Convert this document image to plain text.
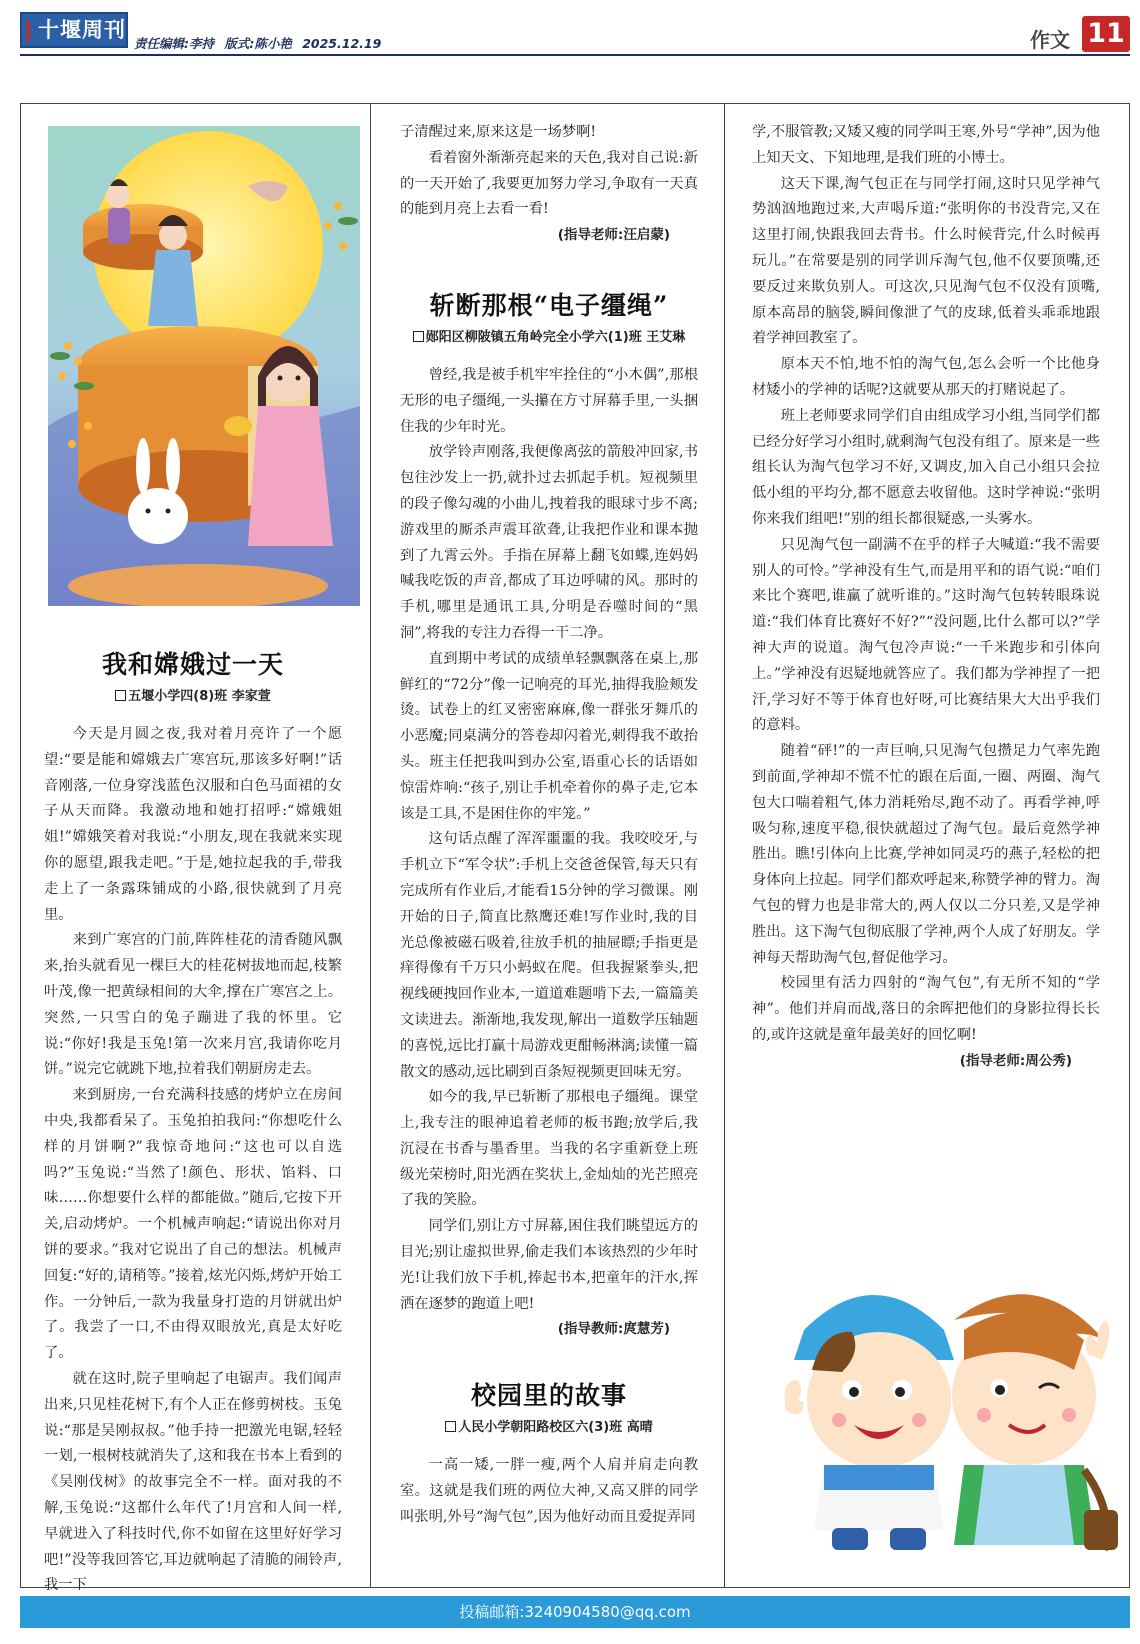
十堰周刊
责任编辑:李持 版式:陈小艳 2025.12.19	作文 11
我和嫦娥过一天
五堰小学四(8)班 李家萱

今天是月圆之夜,我对着月亮许了一个愿望:“要是能和嫦娥去广寒宫玩,那该多好啊!”话音刚落,一位身穿浅蓝色汉服和白色马面裙的女子从天而降。我激动地和她打招呼:“嫦娥姐姐!”嫦娥笑着对我说:“小朋友,现在我就来实现你的愿望,跟我走吧。”于是,她拉起我的手,带我走上了一条露珠铺成的小路,很快就到了月亮里。

来到广寒宫的门前,阵阵桂花的清香随风飘来,抬头就看见一棵巨大的桂花树拔地而起,枝繁叶茂,像一把黄绿相间的大伞,撑在广寒宫之上。突然,一只雪白的兔子蹦进了我的怀里。它说:“你好!我是玉兔!第一次来月宫,我请你吃月饼。”说完它就跳下地,拉着我们朝厨房走去。

来到厨房,一台充满科技感的烤炉立在房间中央,我都看呆了。玉兔拍拍我问:“你想吃什么样的月饼啊?”我惊奇地问:“这也可以自选吗?”玉兔说:“当然了!颜色、形状、馅料、口味……你想要什么样的都能做。”随后,它按下开关,启动烤炉。一个机械声响起:“请说出你对月饼的要求。”我对它说出了自己的想法。机械声回复:“好的,请稍等。”接着,炫光闪烁,烤炉开始工作。一分钟后,一款为我量身打造的月饼就出炉了。我尝了一口,不由得双眼放光,真是太好吃了。

就在这时,院子里响起了电锯声。我们闻声出来,只见桂花树下,有个人正在修剪树枝。玉兔说:“那是吴刚叔叔。”他手持一把激光电锯,轻轻一划,一根树枝就消失了,这和我在书本上看到的《吴刚伐树》的故事完全不一样。面对我的不解,玉兔说:“这都什么年代了!月宫和人间一样,早就进入了科技时代,你不如留在这里好好学习吧!”没等我回答它,耳边就响起了清脆的闹铃声,我一下

子清醒过来,原来这是一场梦啊!

看着窗外渐渐亮起来的天色,我对自己说:新的一天开始了,我要更加努力学习,争取有一天真的能到月亮上去看一看!

(指导老师:汪启蒙)

斩断那根“电子缰绳”
郧阳区柳陂镇五角岭完全小学六(1)班 王艾琳

曾经,我是被手机牢牢拴住的“小木偶”,那根无形的电子缰绳,一头攥在方寸屏幕手里,一头捆住我的少年时光。

放学铃声刚落,我便像离弦的箭般冲回家,书包往沙发上一扔,就扑过去抓起手机。短视频里的段子像勾魂的小曲儿,拽着我的眼球寸步不离;游戏里的厮杀声震耳欲聋,让我把作业和课本抛到了九霄云外。手指在屏幕上翻飞如蝶,连妈妈喊我吃饭的声音,都成了耳边呼啸的风。那时的手机,哪里是通讯工具,分明是吞噬时间的“黑洞”,将我的专注力吞得一干二净。

直到期中考试的成绩单轻飘飘落在桌上,那鲜红的“72分”像一记响亮的耳光,抽得我脸颊发烫。试卷上的红叉密密麻麻,像一群张牙舞爪的小恶魔;同桌满分的答卷却闪着光,刺得我不敢抬头。班主任把我叫到办公室,语重心长的话语如惊雷炸响:“孩子,别让手机牵着你的鼻子走,它本该是工具,不是困住你的牢笼。”

这句话点醒了浑浑噩噩的我。我咬咬牙,与手机立下“军令状”:手机上交爸爸保管,每天只有完成所有作业后,才能看15分钟的学习微课。刚开始的日子,简直比熬鹰还难!写作业时,我的目光总像被磁石吸着,往放手机的抽屉瞟;手指更是痒得像有千万只小蚂蚁在爬。但我握紧拳头,把视线硬拽回作业本,一道道难题啃下去,一篇篇美文读进去。渐渐地,我发现,解出一道数学压轴题的喜悦,远比打赢十局游戏更酣畅淋漓;读懂一篇散文的感动,远比刷到百条短视频更回味无穷。

如今的我,早已斩断了那根电子缰绳。课堂上,我专注的眼神追着老师的板书跑;放学后,我沉浸在书香与墨香里。当我的名字重新登上班级光荣榜时,阳光洒在奖状上,金灿灿的光芒照亮了我的笑脸。

同学们,别让方寸屏幕,困住我们眺望远方的目光;别让虚拟世界,偷走我们本该热烈的少年时光!让我们放下手机,捧起书本,把童年的汗水,挥洒在逐梦的跑道上吧!

(指导教师:庹慧芳)

校园里的故事
人民小学朝阳路校区六(3)班 高晴

一高一矮,一胖一瘦,两个人肩并肩走向教室。这就是我们班的两位大神,又高又胖的同学叫张明,外号“淘气包”,因为他好动而且爱捉弄同

学,不服管教;又矮又瘦的同学叫王寒,外号“学神”,因为他上知天文、下知地理,是我们班的小博士。

这天下课,淘气包正在与同学打闹,这时只见学神气势汹汹地跑过来,大声喝斥道:“张明你的书没背完,又在这里打闹,快跟我回去背书。什么时候背完,什么时候再玩儿。”在常要是别的同学训斥淘气包,他不仅要顶嘴,还要反过来欺负别人。可这次,只见淘气包不仅没有顶嘴,原本高昂的脑袋,瞬间像泄了气的皮球,低着头乖乖地跟着学神回教室了。

原本天不怕,地不怕的淘气包,怎么会听一个比他身材矮小的学神的话呢?这就要从那天的打赌说起了。

班上老师要求同学们自由组成学习小组,当同学们都已经分好学习小组时,就剩淘气包没有组了。原来是一些组长认为淘气包学习不好,又调皮,加入自己小组只会拉低小组的平均分,都不愿意去收留他。这时学神说:“张明你来我们组吧!”别的组长都很疑惑,一头雾水。

只见淘气包一副满不在乎的样子大喊道:“我不需要别人的可怜。”学神没有生气,而是用平和的语气说:“咱们来比个赛吧,谁赢了就听谁的。”这时淘气包转转眼珠说道:“我们体育比赛好不好?”“没问题,比什么都可以?”学神大声的说道。淘气包冷声说:“一千米跑步和引体向上。”学神没有迟疑地就答应了。我们都为学神捏了一把汗,学习好不等于体育也好呀,可比赛结果大大出乎我们的意料。

随着“砰!”的一声巨响,只见淘气包攒足力气率先跑到前面,学神却不慌不忙的跟在后面,一圈、两圈、淘气包大口喘着粗气,体力消耗殆尽,跑不动了。再看学神,呼吸匀称,速度平稳,很快就超过了淘气包。最后竟然学神胜出。瞧!引体向上比赛,学神如同灵巧的燕子,轻松的把身体向上拉起。同学们都欢呼起来,称赞学神的臂力。淘气包的臂力也是非常大的,两人仅以二分只差,又是学神胜出。这下淘气包彻底服了学神,两个人成了好朋友。学神每天帮助淘气包,督促他学习。

校园里有活力四射的“淘气包”,有无所不知的“学神”。他们并肩而战,落日的余晖把他们的身影拉得长长的,或许这就是童年最美好的回忆啊!

(指导老师:周公秀)

投稿邮箱:3240904580@qq.com
